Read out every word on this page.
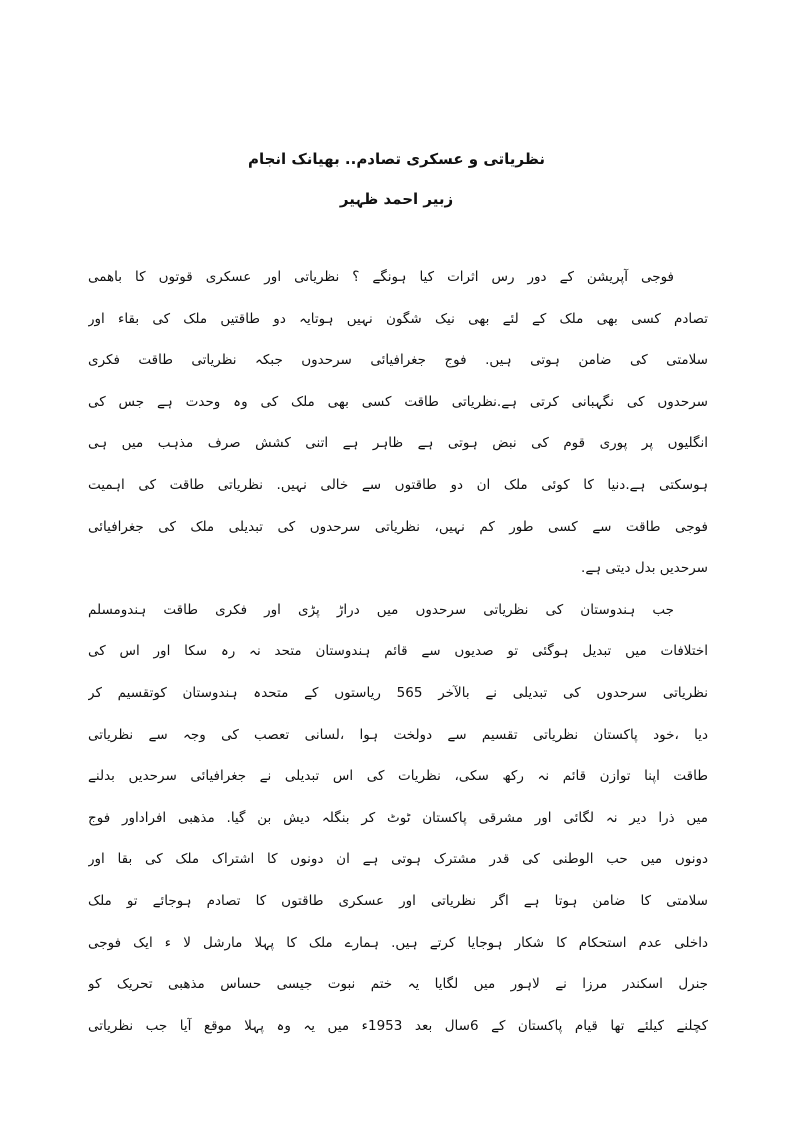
نظریاتی و عسکری تصادم.. بھیانک انجام
زبیر احمد ظہیر
فوجی آپریشن کے دور رس اثرات کیا ہونگے ؟ نظریاتی اور عسکری قوتوں کا باھمی
تصادم کسی بھی ملک کے لئے بھی نیک شگون نہیں ہوتایہ دو طاقتیں ملک کی بقاء اور
سلامتی کی ضامن ہوتی ہیں. فوج جغرافیائی سرحدوں جبکہ نظریاتی طاقت فکری
سرحدوں کی نگہبانی کرتی ہے.نظریاتی طاقت کسی بھی ملک کی وہ وحدت ہے جس کی
انگلیوں پر پوری قوم کی نبض ہوتی ہے ظاہر ہے اتنی کشش صرف مذہب میں ہی
ہوسکتی ہے.دنیا کا کوئی ملک ان دو طاقتوں سے خالی نہیں. نظریاتی طاقت کی اہمیت
فوجی طاقت سے کسی طور کم نہیں، نظریاتی سرحدوں کی تبدیلی ملک کی جغرافیائی
سرحدیں بدل دیتی ہے.
جب ہندوستان کی نظریاتی سرحدوں میں دراڑ پڑی اور فکری طاقت ہندومسلم
اختلافات میں تبدیل ہوگئی تو صدیوں سے قائم ہندوستان متحد نہ رہ سکا اور اس کی
نظریاتی سرحدوں کی تبدیلی نے بالآخر 565 ریاستوں کے متحدہ ہندوستان کوتقسیم کر
دیا ،خود پاکستان نظریاتی تقسیم سے دولخت ہوا ،لسانی تعصب کی وجہ سے نظریاتی
طاقت اپنا توازن قائم نہ رکھ سکی، نظریات کی اس تبدیلی نے جغرافیائی سرحدیں بدلنے
میں ذرا دیر نہ لگائی اور مشرقی پاکستان ٹوٹ کر بنگلہ دیش بن گیا. مذھبی افراداور فوج
دونوں میں حب الوطنی کی قدر مشترک ہوتی ہے ان دونوں کا اشتراک ملک کی بقا اور
سلامتی کا ضامن ہوتا ہے اگر نظریاتی اور عسکری طاقتوں کا تصادم ہوجائے تو ملک
داخلی عدم استحکام کا شکار ہوجایا کرتے ہیں. ہمارے ملک کا پہلا مارشل لا ء ایک فوجی
جنرل اسکندر مرزا نے لاہور میں لگایا یہ ختم نبوت جیسی حساس مذھبی تحریک کو
کچلنے کیلئے تھا قیام پاکستان کے 6سال بعد 1953ء میں یہ وہ پہلا موقع آیا جب نظریاتی
